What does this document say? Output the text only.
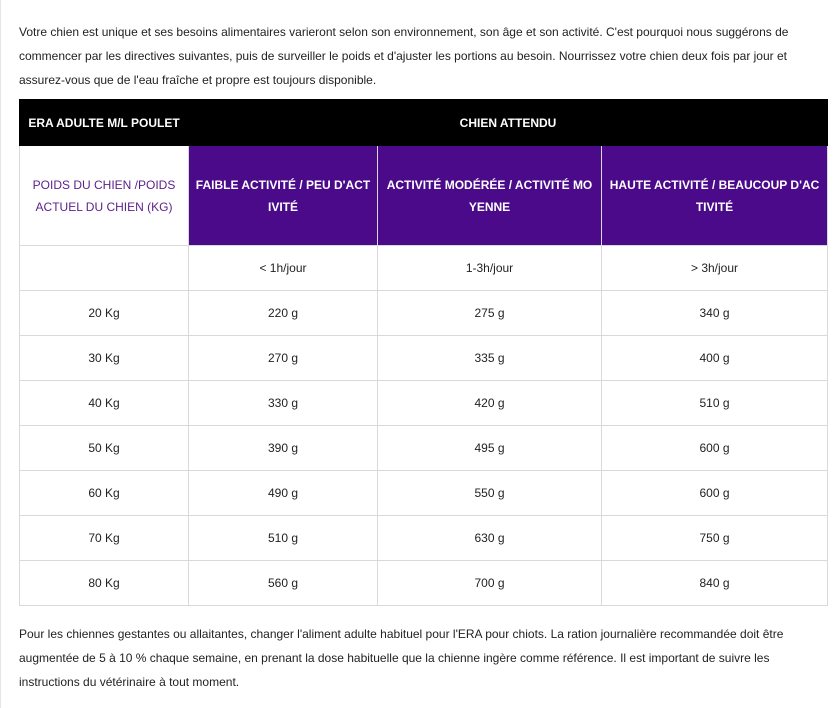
Votre chien est unique et ses besoins alimentaires varieront selon son environnement, son âge et son activité. C'est pourquoi nous suggérons de commencer par les directives suivantes, puis de surveiller le poids et d'ajuster les portions au besoin. Nourrissez votre chien deux fois par jour et assurez-vous que de l'eau fraîche et propre est toujours disponible.

ERA ADULTE M/L POULET	CHIEN ATTENDU		
POIDS DU CHIEN /POIDS ACTUEL DU CHIEN (KG)	FAIBLE ACTIVITÉ / PEU D'ACTIVITÉ	ACTIVITÉ MODÉRÉE / ACTIVITÉ MOYENNE	HAUTE ACTIVITÉ / BEAUCOUP D'ACTIVITÉ
	< 1h/jour	1-3h/jour	> 3h/jour
20 Kg	220 g	275 g	340 g
30 Kg	270 g	335 g	400 g
40 Kg	330 g	420 g	510 g
50 Kg	390 g	495 g	600 g
60 Kg	490 g	550 g	600 g
70 Kg	510 g	630 g	750 g
80 Kg	560 g	700 g	840 g

Pour les chiennes gestantes ou allaitantes, changer l'aliment adulte habituel pour l'ERA pour chiots. La ration journalière recommandée doit être augmentée de 5 à 10 % chaque semaine, en prenant la dose habituelle que la chienne ingère comme référence. Il est important de suivre les instructions du vétérinaire à tout moment.
